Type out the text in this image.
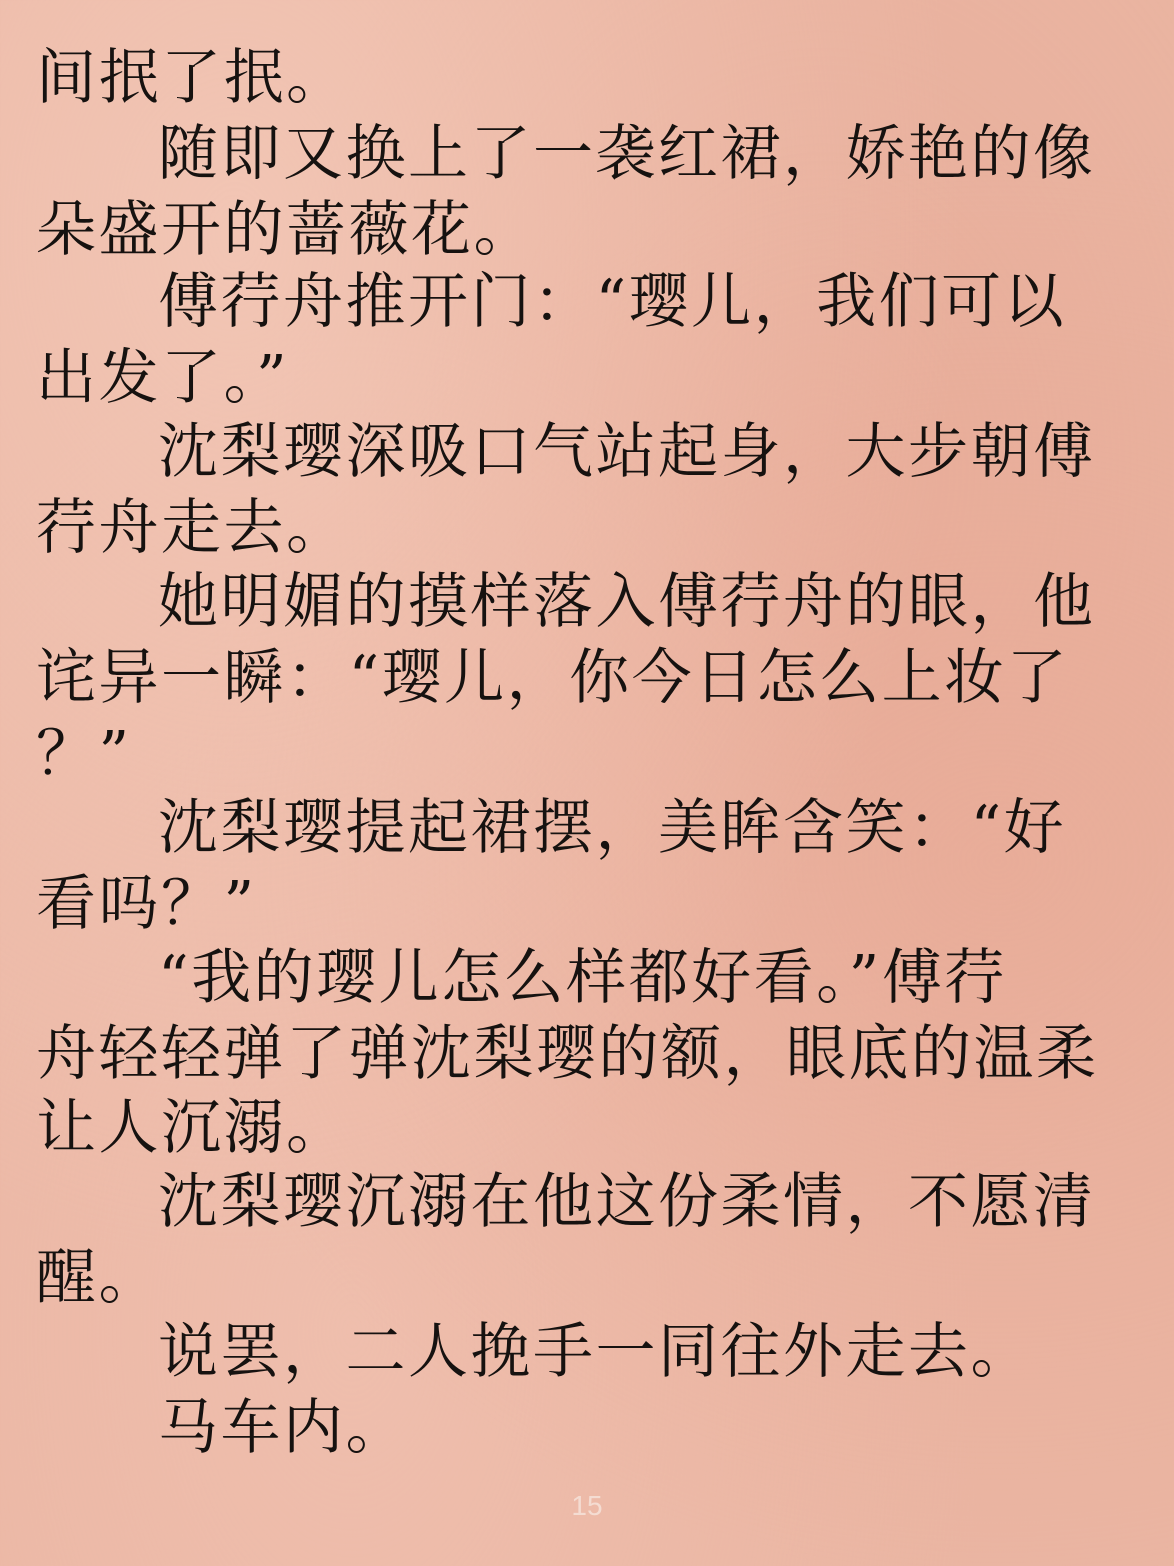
间抿了抿。
随即又换上了一袭红裙，娇艳的像
朵盛开的蔷薇花。
傅荇舟推开门：“璎儿，我们可以
出发了。”
沈梨璎深吸口气站起身，大步朝傅
荇舟走去。
她明媚的摸样落入傅荇舟的眼，他
诧异一瞬：“璎儿，你今日怎么上妆了
？”
沈梨璎提起裙摆，美眸含笑：“好
看吗？”
“我的璎儿怎么样都好看。”傅荇
舟轻轻弹了弹沈梨璎的额，眼底的温柔
让人沉溺。
沈梨璎沉溺在他这份柔情，不愿清
醒。
说罢，二人挽手一同往外走去。
马车内。
15
